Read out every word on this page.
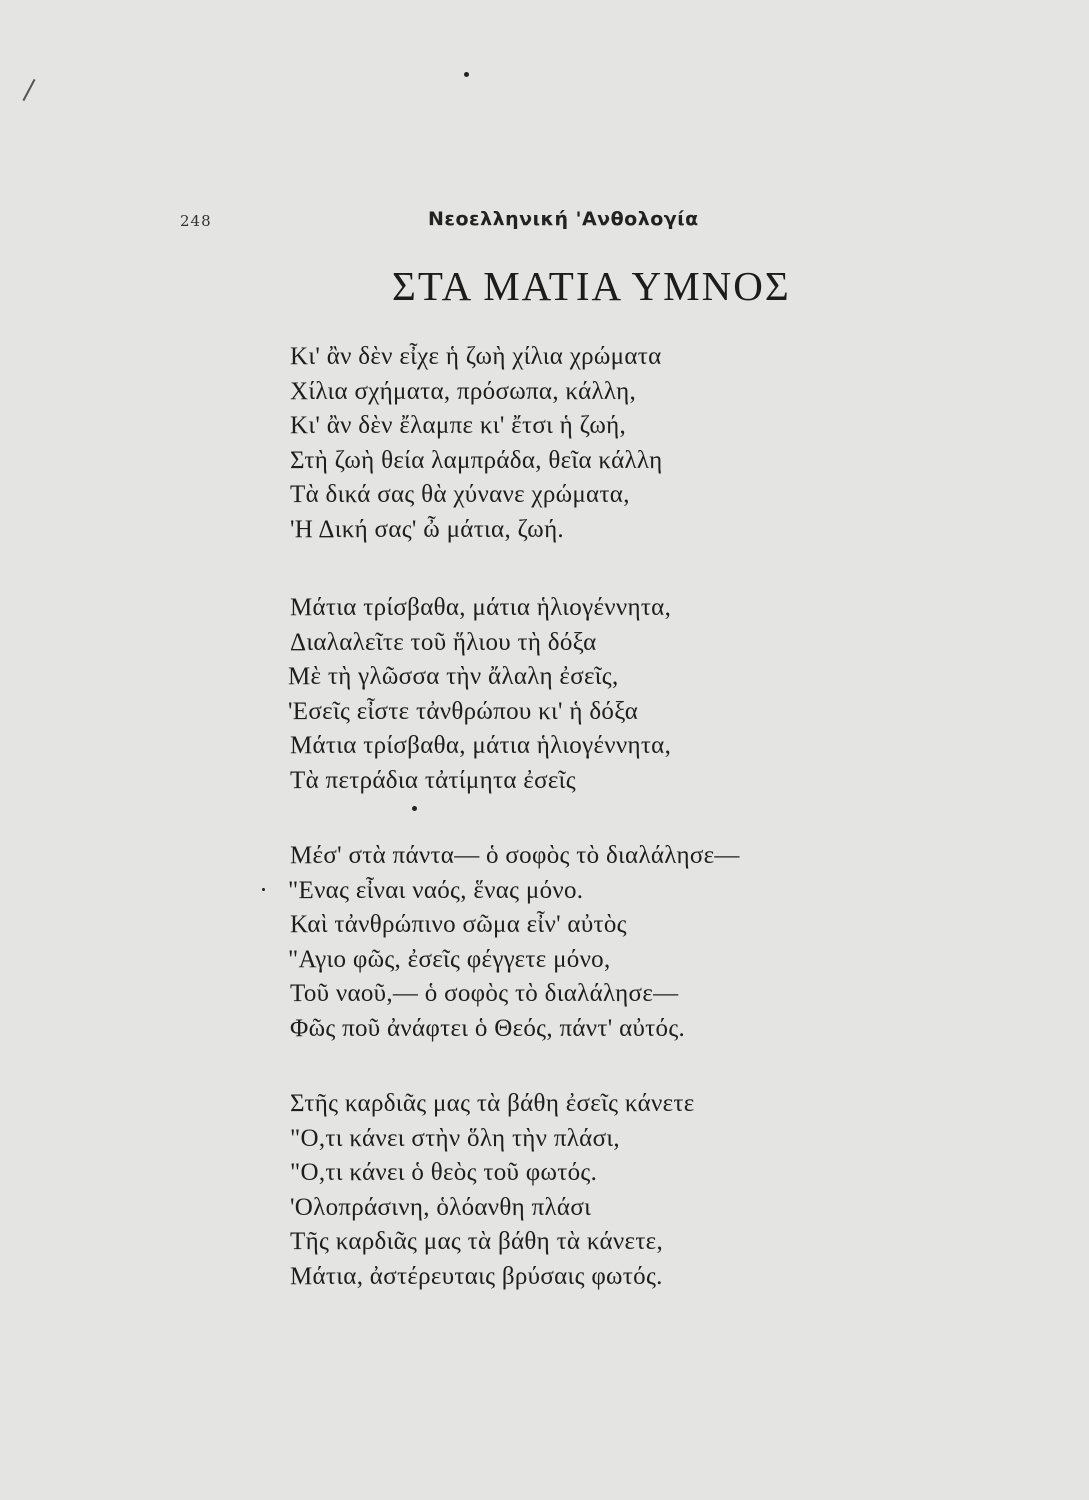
248	Νεοελληνική 'Ανθολογία
ΣΤΑ ΜΑΤΙΑ ΥΜΝΟΣ
Κι' ἂν δὲν εἶχε ἡ ζωὴ χίλια χρώματα
Χίλια σχήματα, πρόσωπα, κάλλη,
Κι' ἂν δὲν ἔλαμπε κι' ἔτσι ἡ ζωή,
Στὴ ζωὴ θεία λαμπράδα, θεῖα κάλλη
Τὰ δικά σας θὰ χύνανε χρώματα,
'Η Δική σας' ὦ μάτια, ζωή.
Μάτια τρίσβαθα, μάτια ἡλιογέννητα,
Διαλαλεῖτε τοῦ ἥλιου τὴ δόξα
Μὲ τὴ γλῶσσα τὴν ἄλαλη ἐσεῖς,
'Εσεῖς εἶστε τἀνθρώπου κι' ἡ δόξα
Μάτια τρίσβαθα, μάτια ἡλιογέννητα,
Τὰ πετράδια τἀτίμητα ἐσεῖς
Μέσ' στὰ πάντα— ὁ σοφὸς τὸ διαλάλησε—
"Ενας εἶναι ναός, ἕνας μόνο.
Καὶ τἀνθρώπινο σῶμα εἶν' αὐτὸς
"Αγιο φῶς, ἐσεῖς φέγγετε μόνο,
Τοῦ ναοῦ,— ὁ σοφὸς τὸ διαλάλησε—
Φῶς ποῦ ἀνάφτει ὁ Θεός, πάντ' αὐτός.
Στῆς καρδιᾶς μας τὰ βάθη ἐσεῖς κάνετε
"Ο,τι κάνει στὴν ὅλη τὴν πλάσι,
"Ο,τι κάνει ὁ θεὸς τοῦ φωτός.
'Ολοπράσινη, ὁλόανθη πλάσι
Τῆς καρδιᾶς μας τὰ βάθη τὰ κάνετε,
Μάτια, ἀστέρευταις βρύσαις φωτός.
